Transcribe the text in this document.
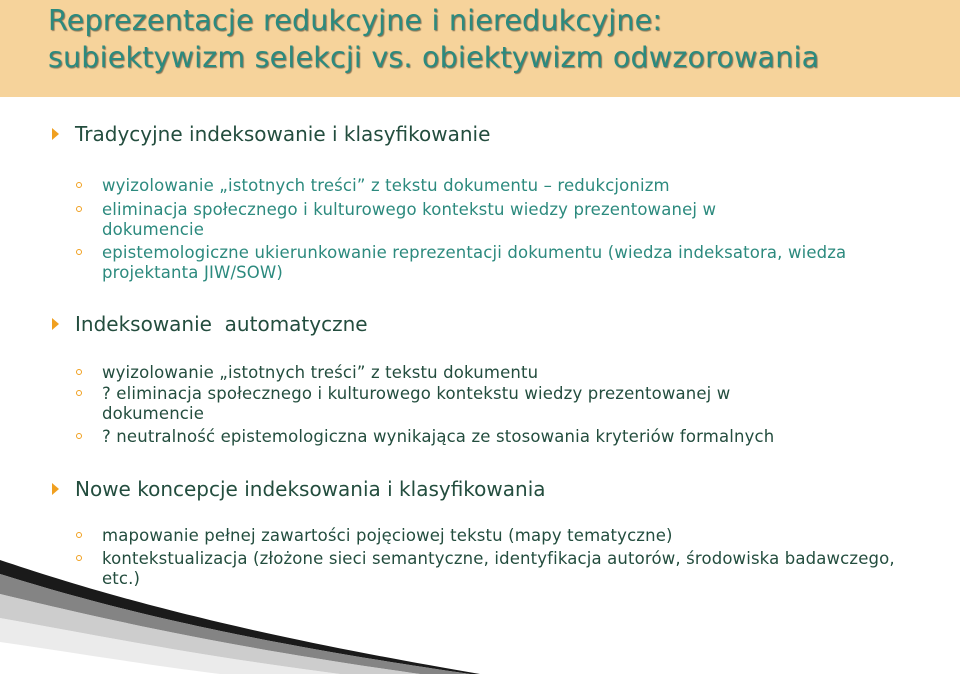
Reprezentacje redukcyjne i nieredukcyjne:
subiektywizm selekcji vs. obiektywizm odwzorowania
Tradycyjne indeksowanie i klasyfikowanie
wyizolowanie „istotnych treści” z tekstu dokumentu – redukcjonizm
eliminacja społecznego i kulturowego kontekstu wiedzy prezentowanej w dokumencie
epistemologiczne ukierunkowanie reprezentacji dokumentu (wiedza indeksatora, wiedza projektanta JIW/SOW)
Indeksowanie  automatyczne
wyizolowanie „istotnych treści” z tekstu dokumentu
? eliminacja społecznego i kulturowego kontekstu wiedzy prezentowanej w dokumencie
? neutralność epistemologiczna wynikająca ze stosowania kryteriów formalnych
Nowe koncepcje indeksowania i klasyfikowania
mapowanie pełnej zawartości pojęciowej tekstu (mapy tematyczne)
kontekstualizacja (złożone sieci semantyczne, identyfikacja autorów, środowiska badawczego, etc.)
